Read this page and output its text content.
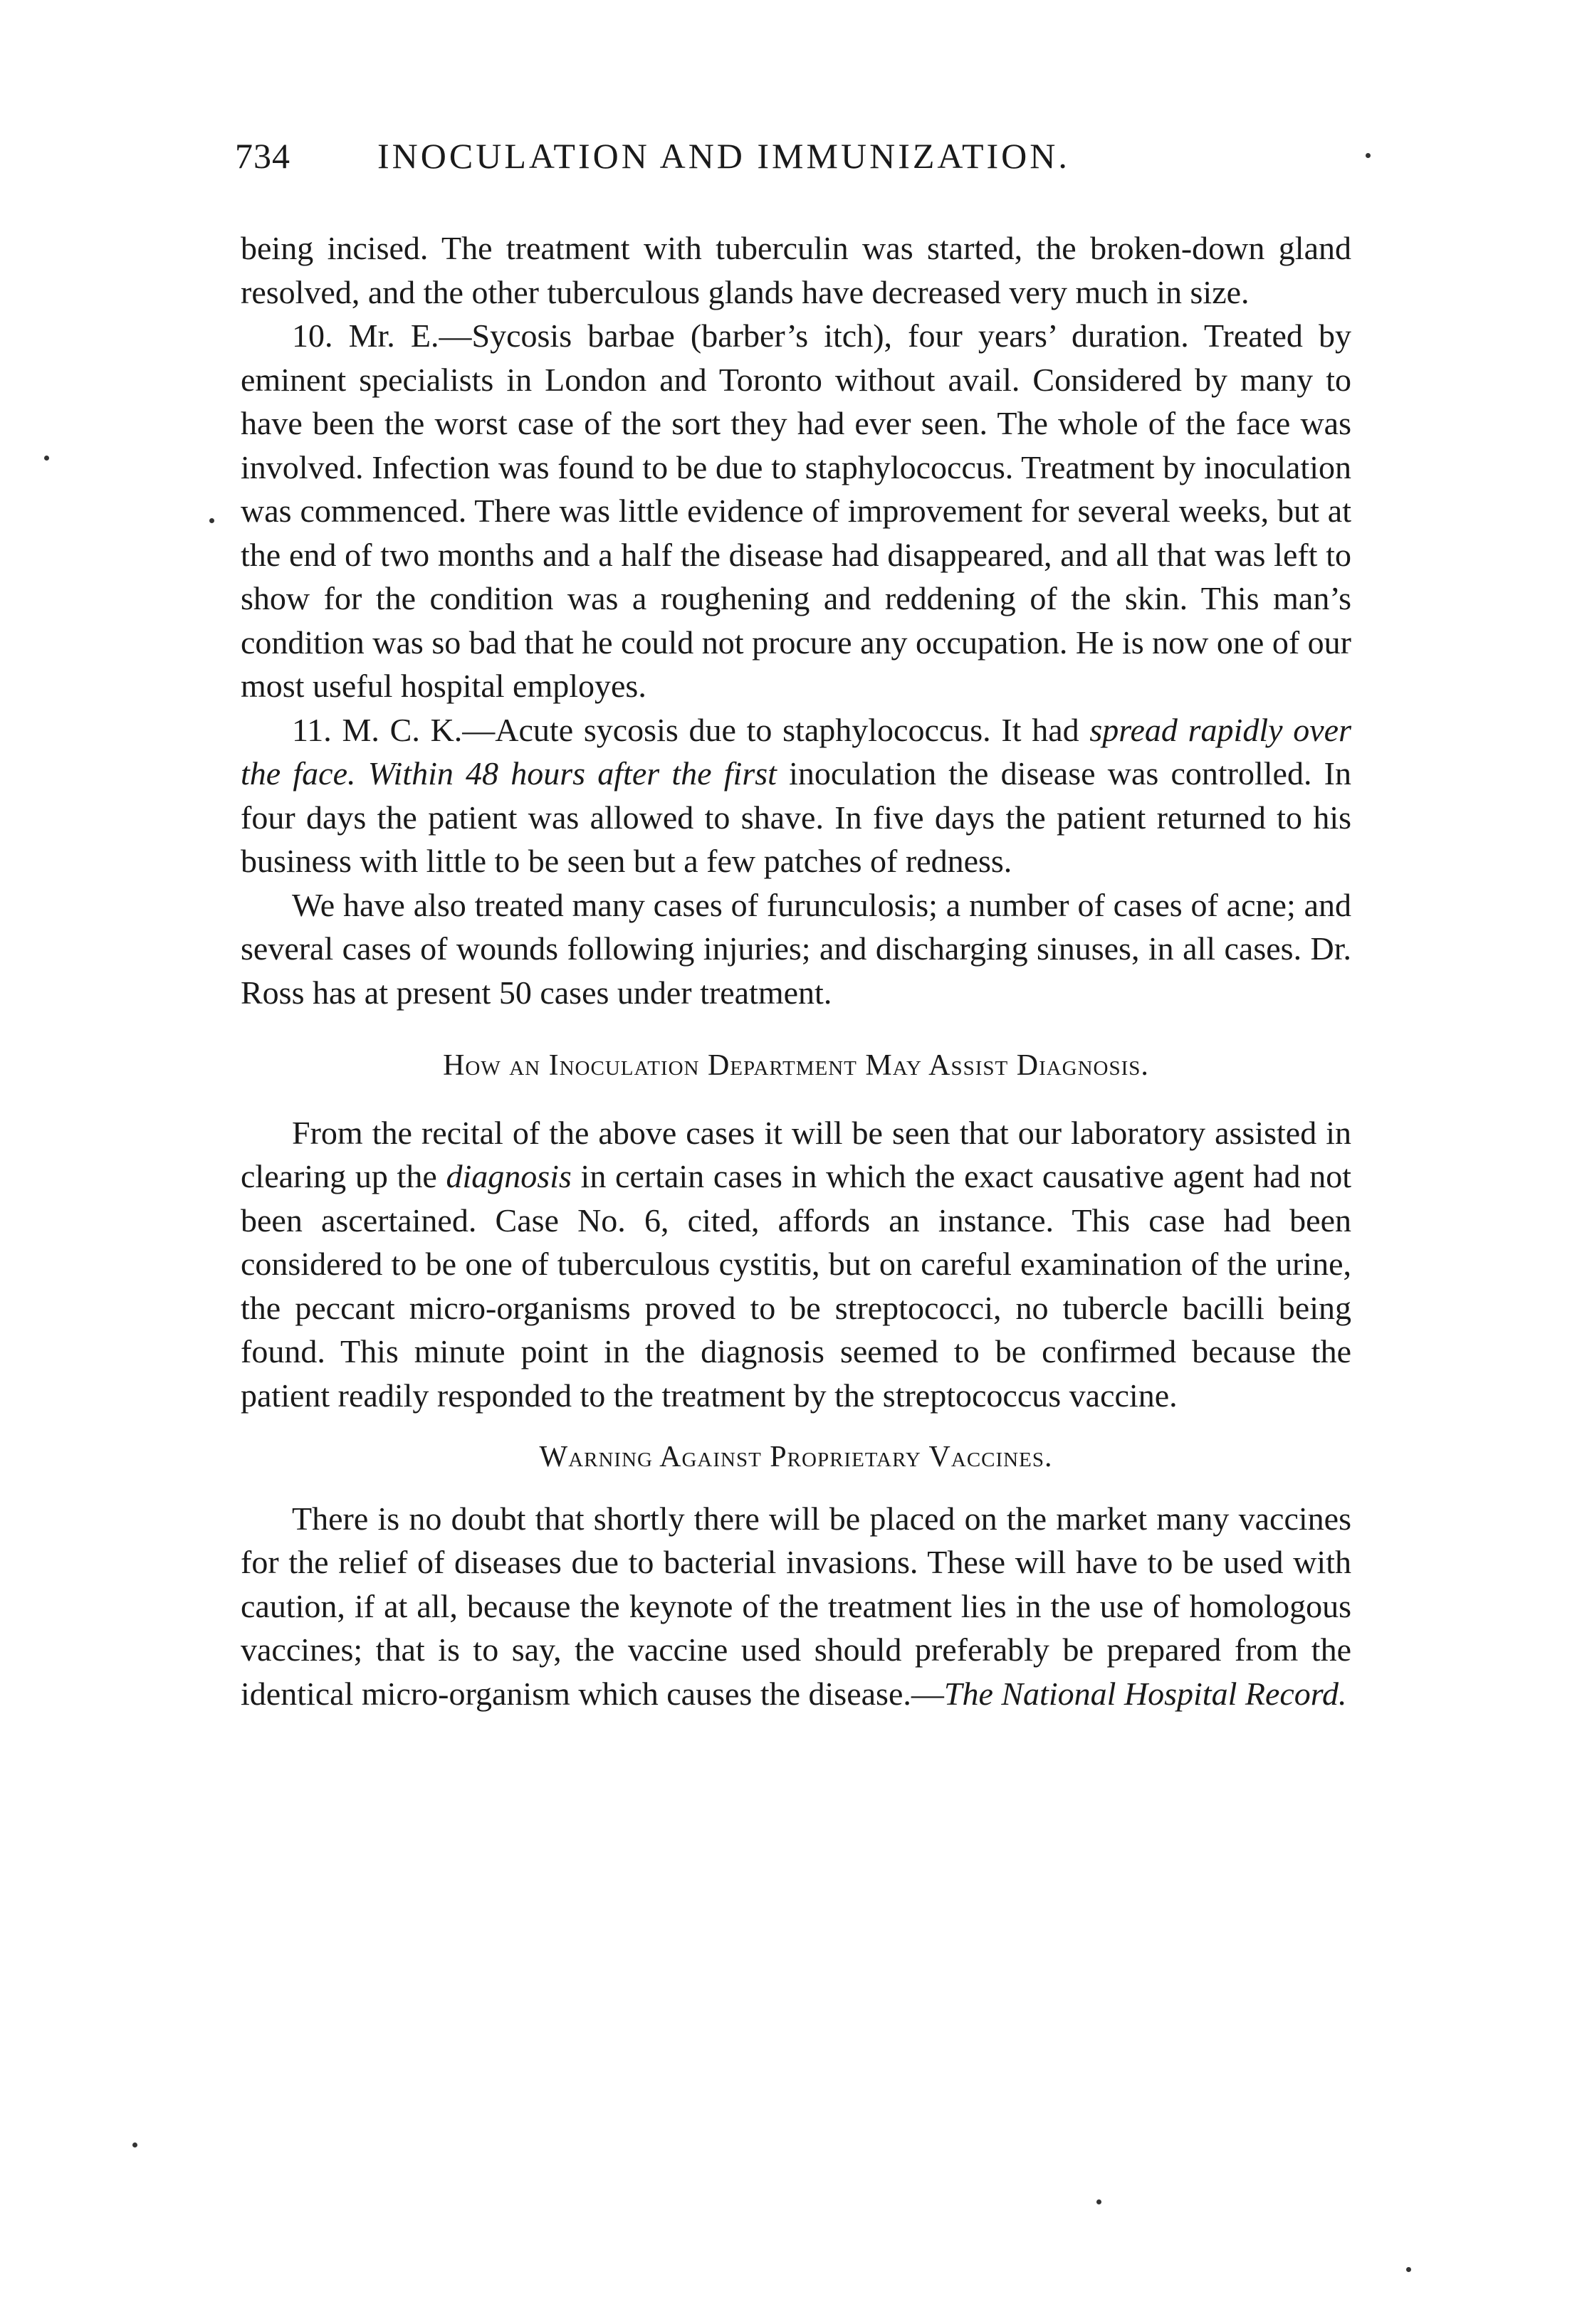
734 INOCULATION AND IMMUNIZATION.

being incised. The treatment with tuberculin was started, the broken-down gland resolved, and the other tuberculous glands have decreased very much in size.

10. Mr. E.—Sycosis barbae (barber’s itch), four years’ duration. Treated by eminent specialists in London and Toronto without avail. Considered by many to have been the worst case of the sort they had ever seen. The whole of the face was involved. Infection was found to be due to staphylococcus. Treatment by inoculation was commenced. There was little evidence of improvement for several weeks, but at the end of two months and a half the disease had disappeared, and all that was left to show for the condition was a roughening and reddening of the skin. This man’s condition was so bad that he could not procure any occupation. He is now one of our most useful hospital employes.

11. M. C. K.—Acute sycosis due to staphylococcus. It had spread rapidly over the face. Within 48 hours after the first inoculation the disease was controlled. In four days the patient was allowed to shave. In five days the patient returned to his business with little to be seen but a few patches of redness.

We have also treated many cases of furunculosis; a number of cases of acne; and several cases of wounds following injuries; and discharging sinuses, in all cases. Dr. Ross has at present 50 cases under treatment.

How an Inoculation Department May Assist Diagnosis.

From the recital of the above cases it will be seen that our laboratory assisted in clearing up the diagnosis in certain cases in which the exact causative agent had not been ascertained. Case No. 6, cited, affords an instance. This case had been considered to be one of tuberculous cystitis, but on careful examination of the urine, the peccant micro-organisms proved to be streptococci, no tubercle bacilli being found. This minute point in the diagnosis seemed to be confirmed because the patient readily responded to the treatment by the streptococcus vaccine.

Warning Against Proprietary Vaccines.

There is no doubt that shortly there will be placed on the market many vaccines for the relief of diseases due to bacterial invasions. These will have to be used with caution, if at all, because the keynote of the treatment lies in the use of homologous vaccines; that is to say, the vaccine used should preferably be prepared from the identical micro-organism which causes the disease.—The National Hospital Record.
